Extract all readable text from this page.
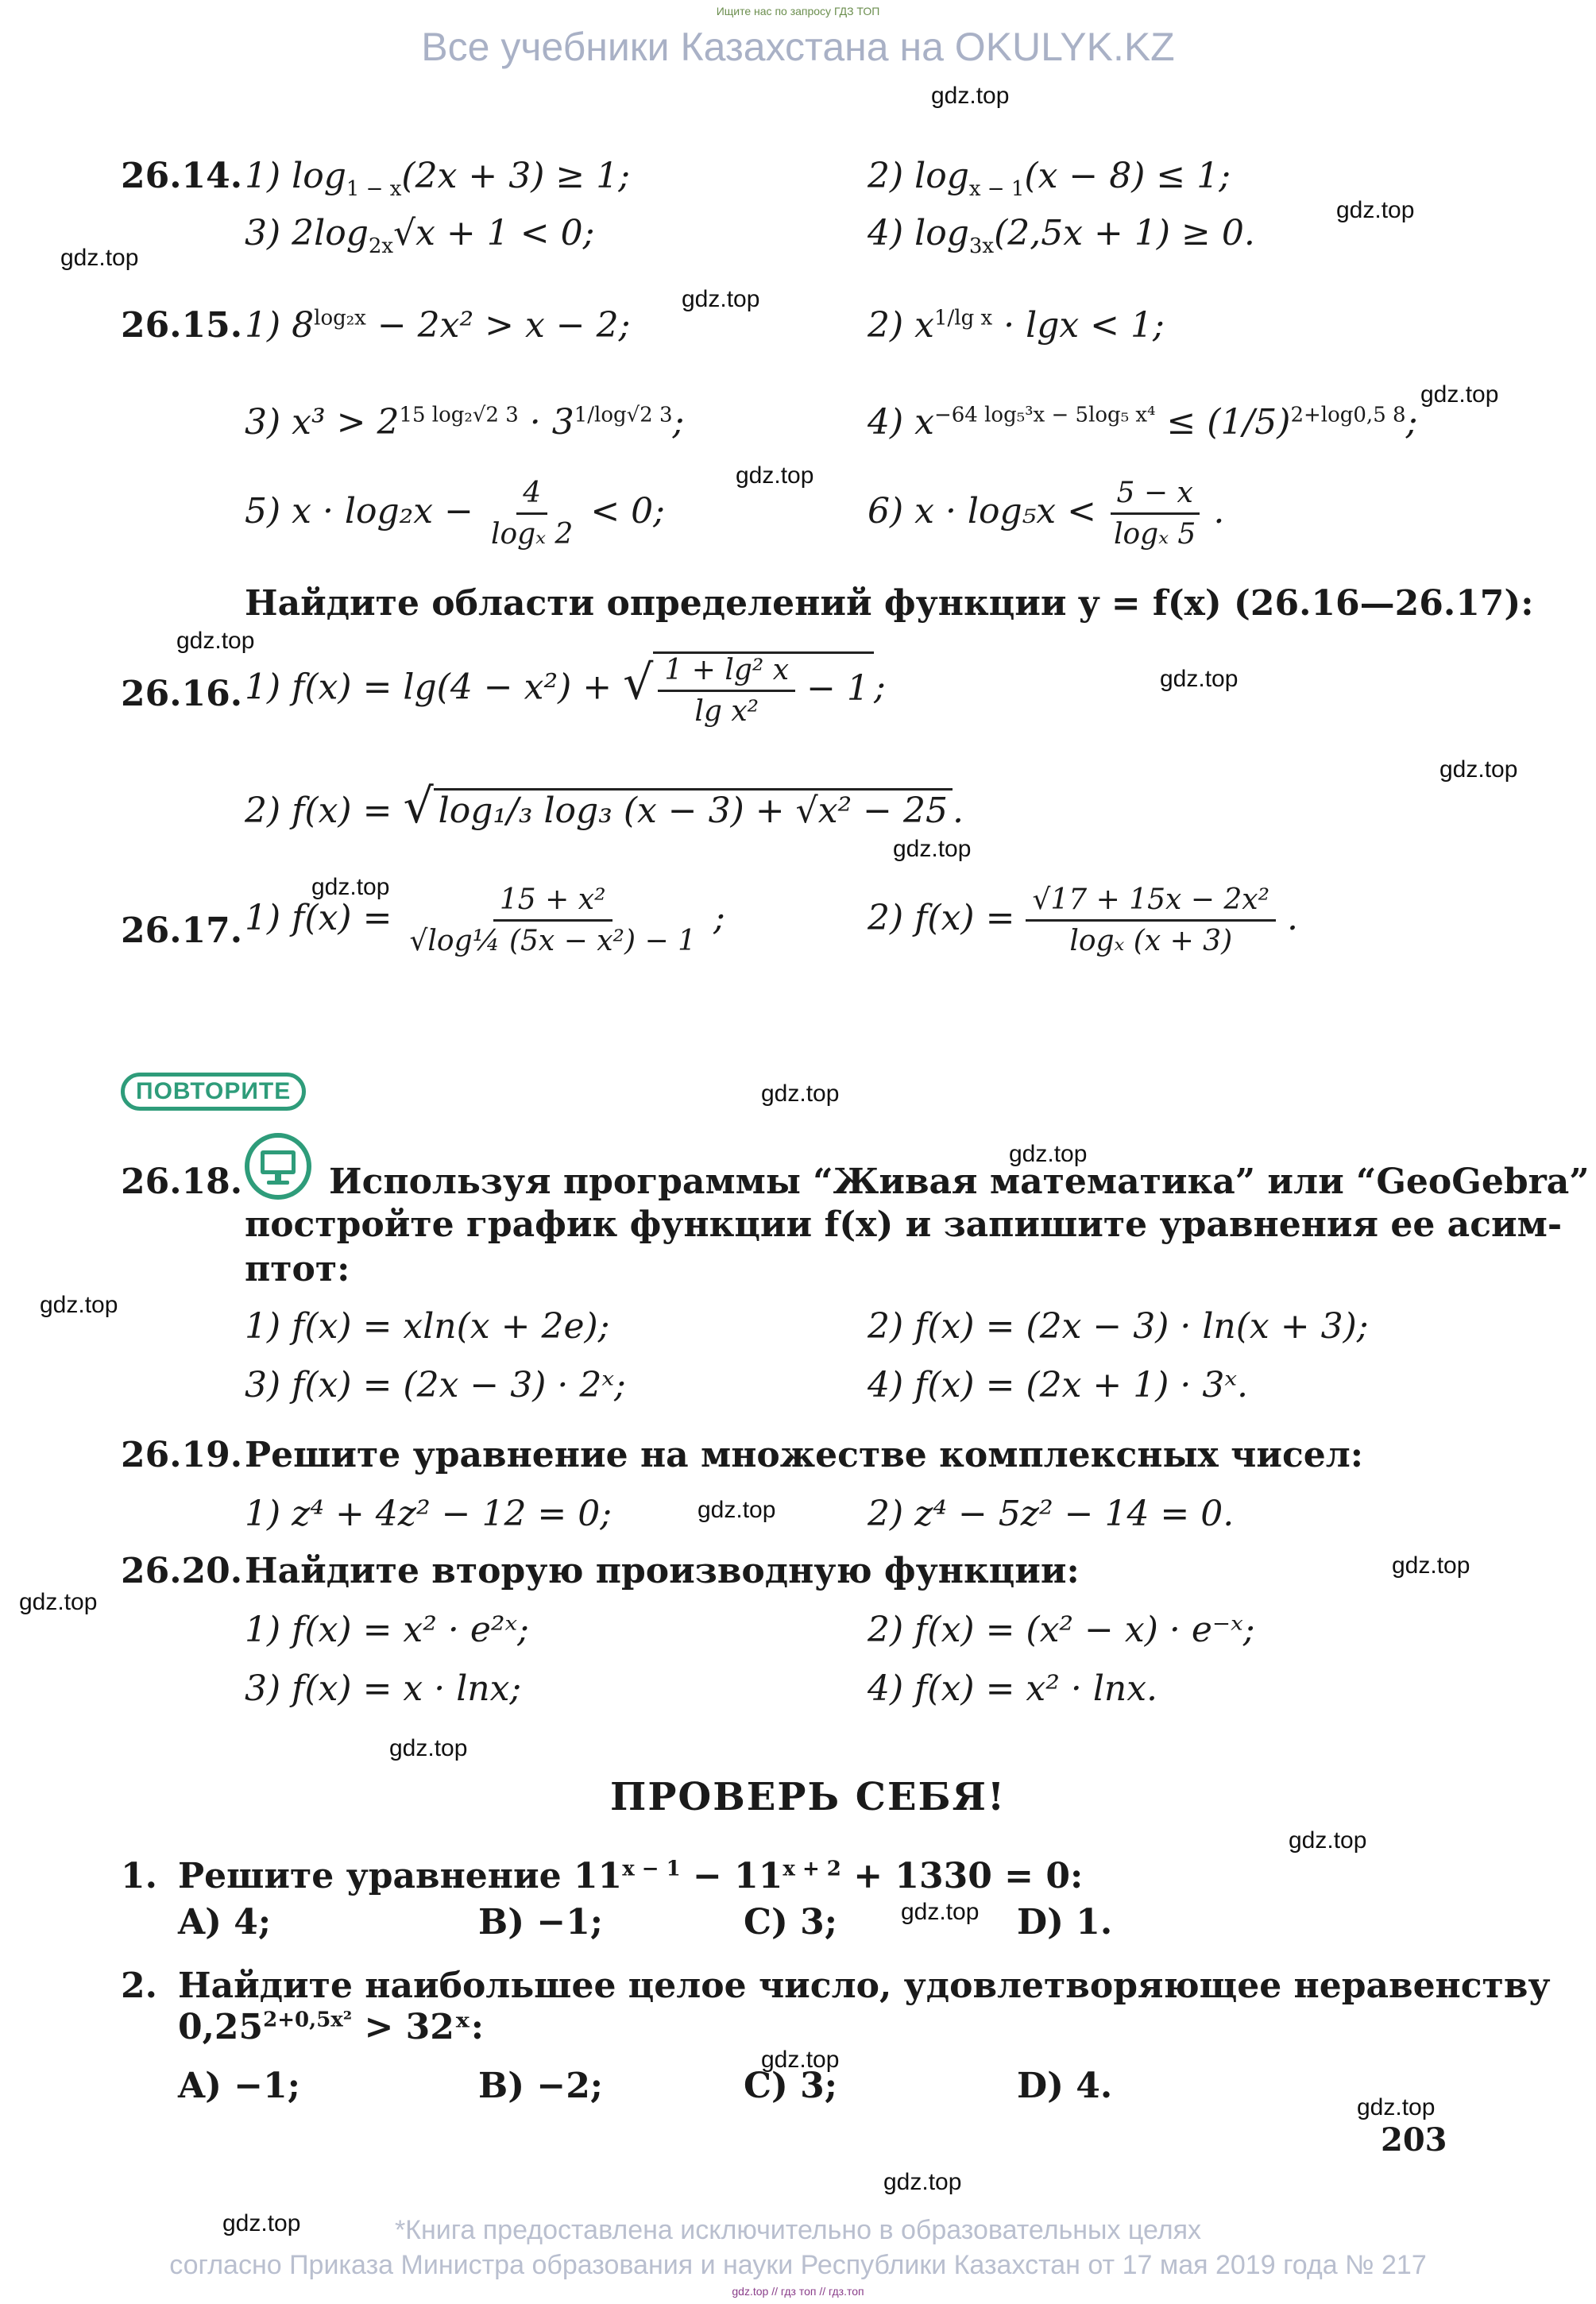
Ищите нас по запросу ГДЗ ТОП
Все учебники Казахстана на OKULYK.KZ
gdz.top
gdz.top
gdz.top
gdz.top
gdz.top
gdz.top
gdz.top
gdz.top
gdz.top
gdz.top
gdz.top
gdz.top
gdz.top
gdz.top
gdz.top
gdz.top
gdz.top
gdz.top
gdz.top
gdz.top
gdz.top
gdz.top
gdz.top
gdz.top
26.14. 1) $\log_{1 - x}(2x + 3) \ge 1$;	2) $\log_{x - 1}(x - 8) \le 1$;
3) $2\log_{2x}√x + 1 < 0$;	4) $\log_{3x}(2,5x + 1) \ge 0$.
26.15. 1) $8^{log_2x} - 2x^2 > x - 2$;	2) $x^{1/lg x} \cdot \lg x < 1$;
3) $x^3 > 2^{15 log_2√2 3} \cdot 3^{1/log√2 3}$;	4) $x^{-64 log_5^3x - 5log_5 x^4} \le (1/5)^{2+log0,5 8}$;
5) $x \cdot \log_2x - \frac{4}{\text{logₓ 2}} < 0$;	6) $x \cdot \log_5x < \frac{5 - x}{\text{logₓ 5}}$ .
Найдите области определений функции y = f(x) (26.16—26.17):
26.16. 1) f(x) = lg(4 − x²) + √ $\frac{\text{1 + lg² x}}{\text{lg x²}} - 1$ ;
2) f(x) = √ log₁/₃ log₃ (x − 3) + √x² − 25 .
26.17. 1) $f(x) = \frac{\text{15 + x²}}{\text{√log¼ (5x − x²) − 1}}$ ;	2) $f(x) = \frac{\text{√17 + 15x − 2x²}}{\text{logₓ (x + 3)}}$ .
ПОВТОРИТЕ
26.18. Используя программы “Живая математика” или “GeoGebra”
постройте график функции f(x) и запишите уравнения ее асим-
птот:
1) f(x) = xln(x + 2e);	2) f(x) = (2x − 3) · ln(x + 3);
3) f(x) = (2x − 3) · 2ˣ;	4) f(x) = (2x + 1) · 3ˣ.
26.19. Решите уравнение на множестве комплексных чисел:
1) z⁴ + 4z² − 12 = 0;	2) z⁴ − 5z² − 14 = 0.
26.20. Найдите вторую производную функции:
1) f(x) = x² · e²ˣ;	2) f(x) = (x² − x) · e⁻ˣ;
3) f(x) = x · lnx;	4) f(x) = x² · lnx.
ПРОВЕРЬ СЕБЯ!
1. Решите уравнение $11^{x - 1} - 11^{x + 2} + 1330 = 0$:
A) 4;	B) −1;	C) 3;	D) 1.
2. Найдите наибольшее целое число, удовлетворяющее неравенству
$0,25^{2+0,5x^2}$ > 32ˣ:
A) −1;	B) −2;	C) 3;	D) 4.
203
*Книга предоставлена исключительно в образовательных целях
согласно Приказа Министра образования и науки Республики Казахстан от 17 мая 2019 года № 217
gdz.top // гдз топ // гдз.топ
